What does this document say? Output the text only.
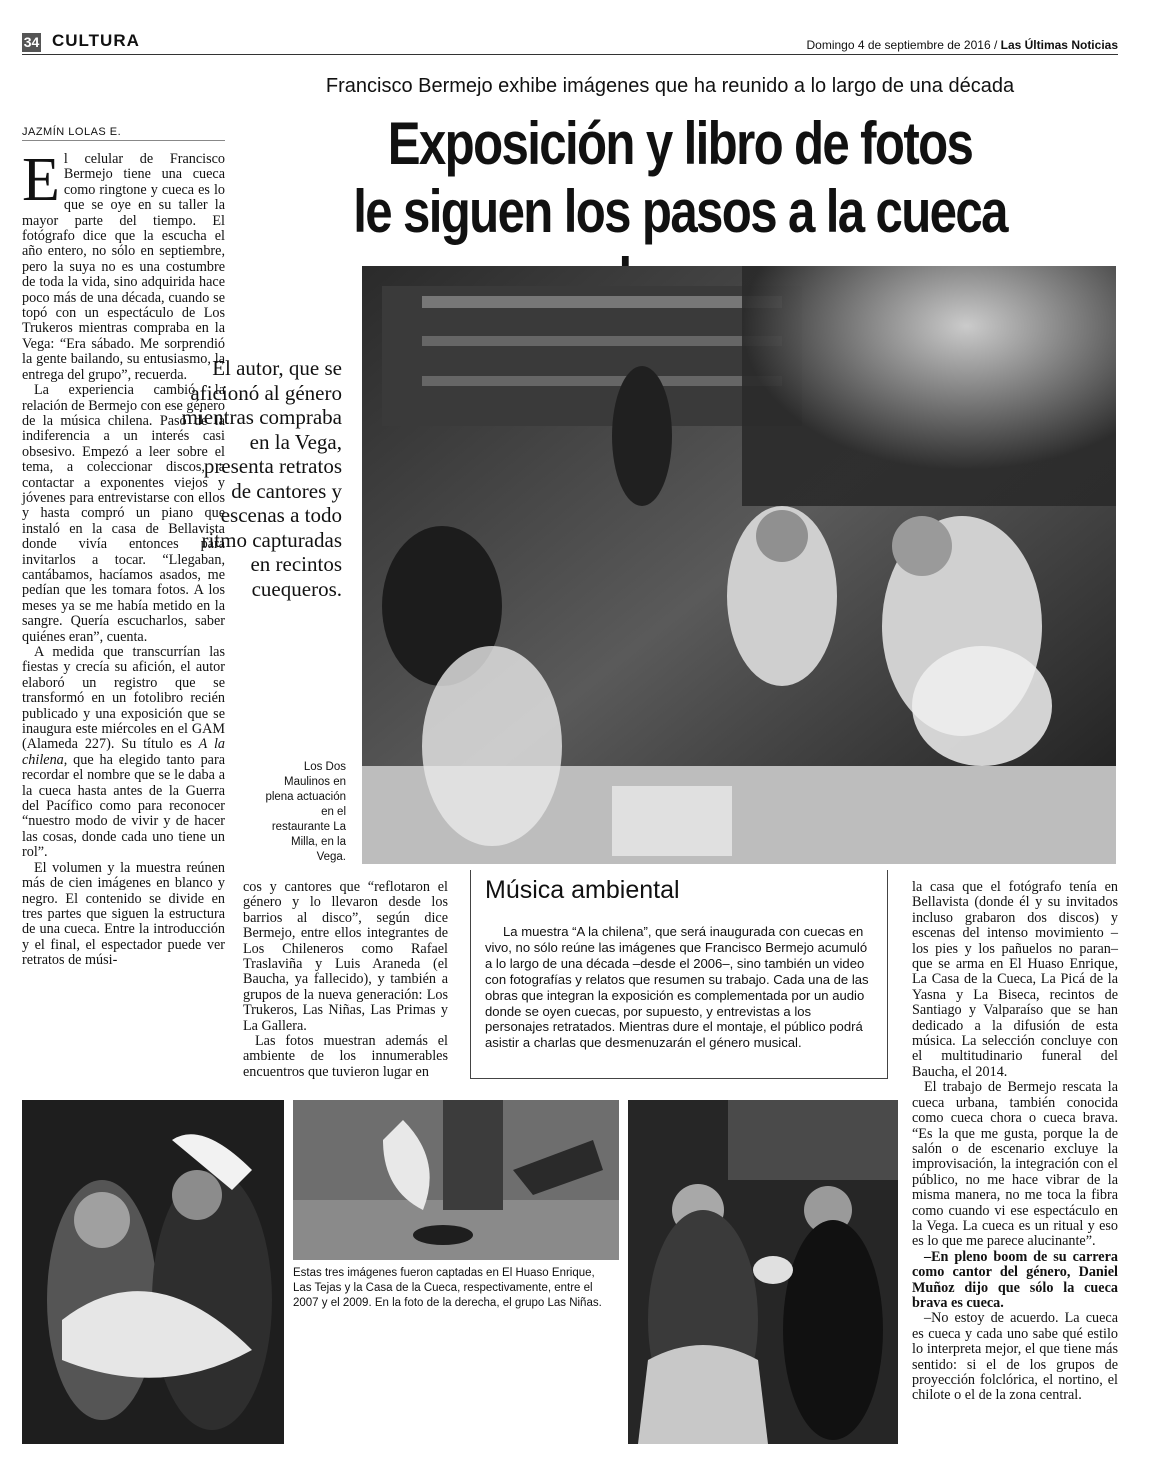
34 CULTURA	Domingo 4 de septiembre de 2016 / Las Últimas Noticias
Francisco Bermejo exhibe imágenes que ha reunido a lo largo de una década
Exposición y libro de fotos
le siguen los pasos a la cueca
JAZMÍN LOLAS E.

El celular de Francisco Bermejo tiene una cueca como ringtone y cueca es lo que se oye en su taller la mayor parte del tiempo. El fotógrafo dice que la escucha el año entero, no sólo en septiembre, pero la suya no es una costumbre de toda la vida, sino adquirida hace poco más de una década, cuando se topó con un espectáculo de Los Trukeros mientras compraba en la Vega: “Era sábado. Me sorprendió la gente bailando, su entusiasmo, la entrega del grupo”, recuerda.

La experiencia cambió la relación de Bermejo con ese género de la música chilena. Pasó de la indiferencia a un interés casi obsesivo. Empezó a leer sobre el tema, a coleccionar discos, a contactar a exponentes viejos y jóvenes para entrevistarse con ellos y hasta compró un piano que instaló en la casa de Bellavista donde vivía entonces para invitarlos a tocar. “Llegaban, cantábamos, hacíamos asados, me pedían que les tomara fotos. A los meses ya se me había metido en la sangre. Quería escucharlos, saber quiénes eran”, cuenta.

A medida que transcurrían las fiestas y crecía su afición, el autor elaboró un registro que se transformó en un fotolibro recién publicado y una exposición que se inaugura este miércoles en el GAM (Alameda 227). Su título es A la chilena, que ha elegido tanto para recordar el nombre que se le daba a la cueca hasta antes de la Guerra del Pacífico como para reconocer “nuestro modo de vivir y de hacer las cosas, donde cada uno tiene un rol”.

El volumen y la muestra reúnen más de cien imágenes en blanco y negro. El contenido se divide en tres partes que siguen la estructura de una cueca. Entre la introducción y el final, el espectador puede ver retratos de músi-

El autor, que se aficionó al género mientras compraba en la Vega, presenta retratos de cantores y escenas a todo ritmo capturadas en recintos cuequeros.
Los Dos Maulinos en plena actuación en el restaurante La Milla, en la Vega.

cos y cantores que “reflotaron el género y lo llevaron desde los barrios al disco”, según dice Bermejo, entre ellos integrantes de Los Chileneros como Rafael Traslaviña y Luis Araneda (el Baucha, ya fallecido), y también a grupos de la nueva generación: Los Trukeros, Las Niñas, Las Primas y La Gallera.

Las fotos muestran además el ambiente de los innumerables encuentros que tuvieron lugar en

Música ambiental

La muestra “A la chilena”, que será inaugurada con cuecas en vivo, no sólo reúne las imágenes que Francisco Bermejo acumuló a lo largo de una década –desde el 2006–, sino también un video con fotografías y relatos que resumen su trabajo. Cada una de las obras que integran la exposición es complementada por un audio donde se oyen cuecas, por supuesto, y entrevistas a los personajes retratados. Mientras dure el montaje, el público podrá asistir a charlas que desmenuzarán el género musical.

la casa que el fotógrafo tenía en Bellavista (donde él y su invitados incluso grabaron dos discos) y escenas del intenso movimiento –los pies y los pañuelos no paran– que se arma en El Huaso Enrique, La Casa de la Cueca, La Picá de la Yasna y La Biseca, recintos de Santiago y Valparaíso que se han dedicado a la difusión de esta música. La selección concluye con el multitudinario funeral del Baucha, el 2014.

El trabajo de Bermejo rescata la cueca urbana, también conocida como cueca chora o cueca brava. “Es la que me gusta, porque la de salón o de escenario excluye la improvisación, la integración con el público, no me hace vibrar de la misma manera, no me toca la fibra como cuando vi ese espectáculo en la Vega. La cueca es un ritual y eso es lo que me parece alucinante”.

–En pleno boom de su carrera como cantor del género, Daniel Muñoz dijo que sólo la cueca brava es cueca.

–No estoy de acuerdo. La cueca es cueca y cada uno sabe qué estilo lo interpreta mejor, el que tiene más sentido: si el de los grupos de proyección folclórica, el nortino, el chilote o el de la zona central.

Estas tres imágenes fueron captadas en El Huaso Enrique, Las Tejas y la Casa de la Cueca, respectivamente, entre el 2007 y el 2009. En la foto de la derecha, el grupo Las Niñas.
